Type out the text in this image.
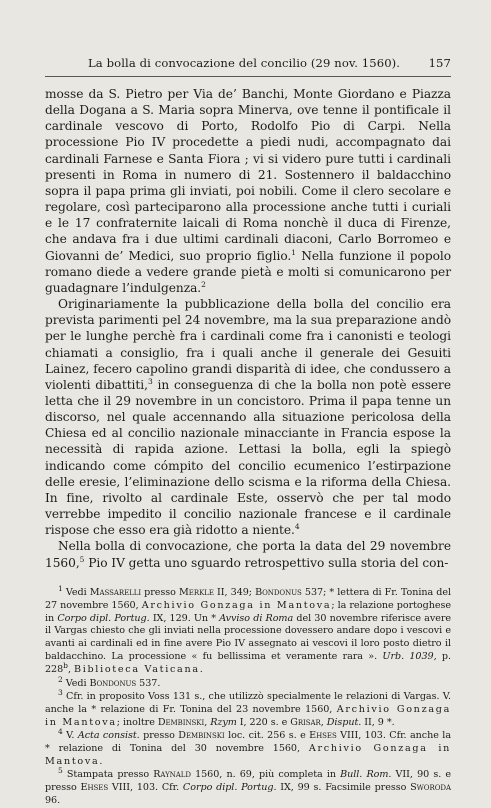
La bolla di convocazione del concilio (29 nov. 1560). 157

mosse da S. Pietro per Via de’ Banchi, Monte Giordano e Piazza della Dogana a S. Maria sopra Minerva, ove tenne il pontificale il cardinale vescovo di Porto, Rodolfo Pio di Carpi. Nella processione Pio IV procedette a piedi nudi, accompagnato dai cardinali Farnese e Santa Fiora ; vi si videro pure tutti i cardinali presenti in Roma in numero di 21. Sostennero il baldacchino sopra il papa prima gli inviati, poi nobili. Come il clero secolare e regolare, così parteciparono alla processione anche tutti i curiali e le 17 confraternite laicali di Roma nonchè il duca di Firenze, che andava fra i due ultimi cardinali diaconi, Carlo Borromeo e Giovanni de’ Medici, suo proprio figlio.$^1$ Nella funzione il popolo romano diede a vedere grande pietà e molti si comunicarono per guadagnare l’indulgenza.$^2$

Originariamente la pubblicazione della bolla del concilio era prevista parimenti pel 24 novembre, ma la sua preparazione andò per le lunghe perchè fra i cardinali come fra i canonisti e teologi chiamati a consiglio, fra i quali anche il generale dei Gesuiti Lainez, fecero capolino grandi disparità di idee, che condussero a violenti dibattiti,$^3$ in conseguenza di che la bolla non potè essere letta che il 29 novembre in un concistoro. Prima il papa tenne un discorso, nel quale accennando alla situazione pericolosa della Chiesa ed al concilio nazionale minacciante in Francia espose la necessità di rapida azione. Lettasi la bolla, egli la spiegò indicando come cómpito del concilio ecumenico l’estirpazione delle eresie, l’eliminazione dello scisma e la riforma della Chiesa. In fine, rivolto al cardinale Este, osservò che per tal modo verrebbe impedito il concilio nazionale francese e il cardinale rispose che esso era già ridotto a niente.$^4$

Nella bolla di convocazione, che porta la data del 29 novembre 1560,$^5$ Pio IV getta uno sguardo retrospettivo sulla storia del con-

$^1$ Vedi Massarelli presso Merkle II, 349; Bondonus 537; * lettera di Fr. Tonina del 27 novembre 1560, Archivio Gonzaga in Mantova; la relazione portoghese in Corpo dipl. Portug. IX, 129. Un * Avviso di Roma del 30 novembre riferisce avere il Vargas chiesto che gli inviati nella processione dovessero andare dopo i vescovi e avanti ai cardinali ed in fine avere Pio IV assegnato ai vescovi il loro posto dietro il baldacchino. La processione « fu bellissima et veramente rara ». Urb. 1039, p. 228$^b$, Biblioteca Vaticana.

$^2$ Vedi Bondonus 537.

$^3$ Cfr. in proposito Voss 131 s., che utilizzò specialmente le relazioni di Vargas. V. anche la * relazione di Fr. Tonina del 23 novembre 1560, Archivio Gonzaga in Mantova; inoltre Dembinski, Rzym I, 220 s. e Grisar, Disput. II, 9 *.

$^4$ V. Acta consist. presso Dembinski loc. cit. 256 s. e Ehses VIII, 103. Cfr. anche la * relazione di Tonina del 30 novembre 1560, Archivio Gonzaga in Mantova.

$^5$ Stampata presso Raynald 1560, n. 69, più completa in Bull. Rom. VII, 90 s. e presso Ehses VIII, 103. Cfr. Corpo dipl. Portug. IX, 99 s. Facsimile presso Sworoda 96.
